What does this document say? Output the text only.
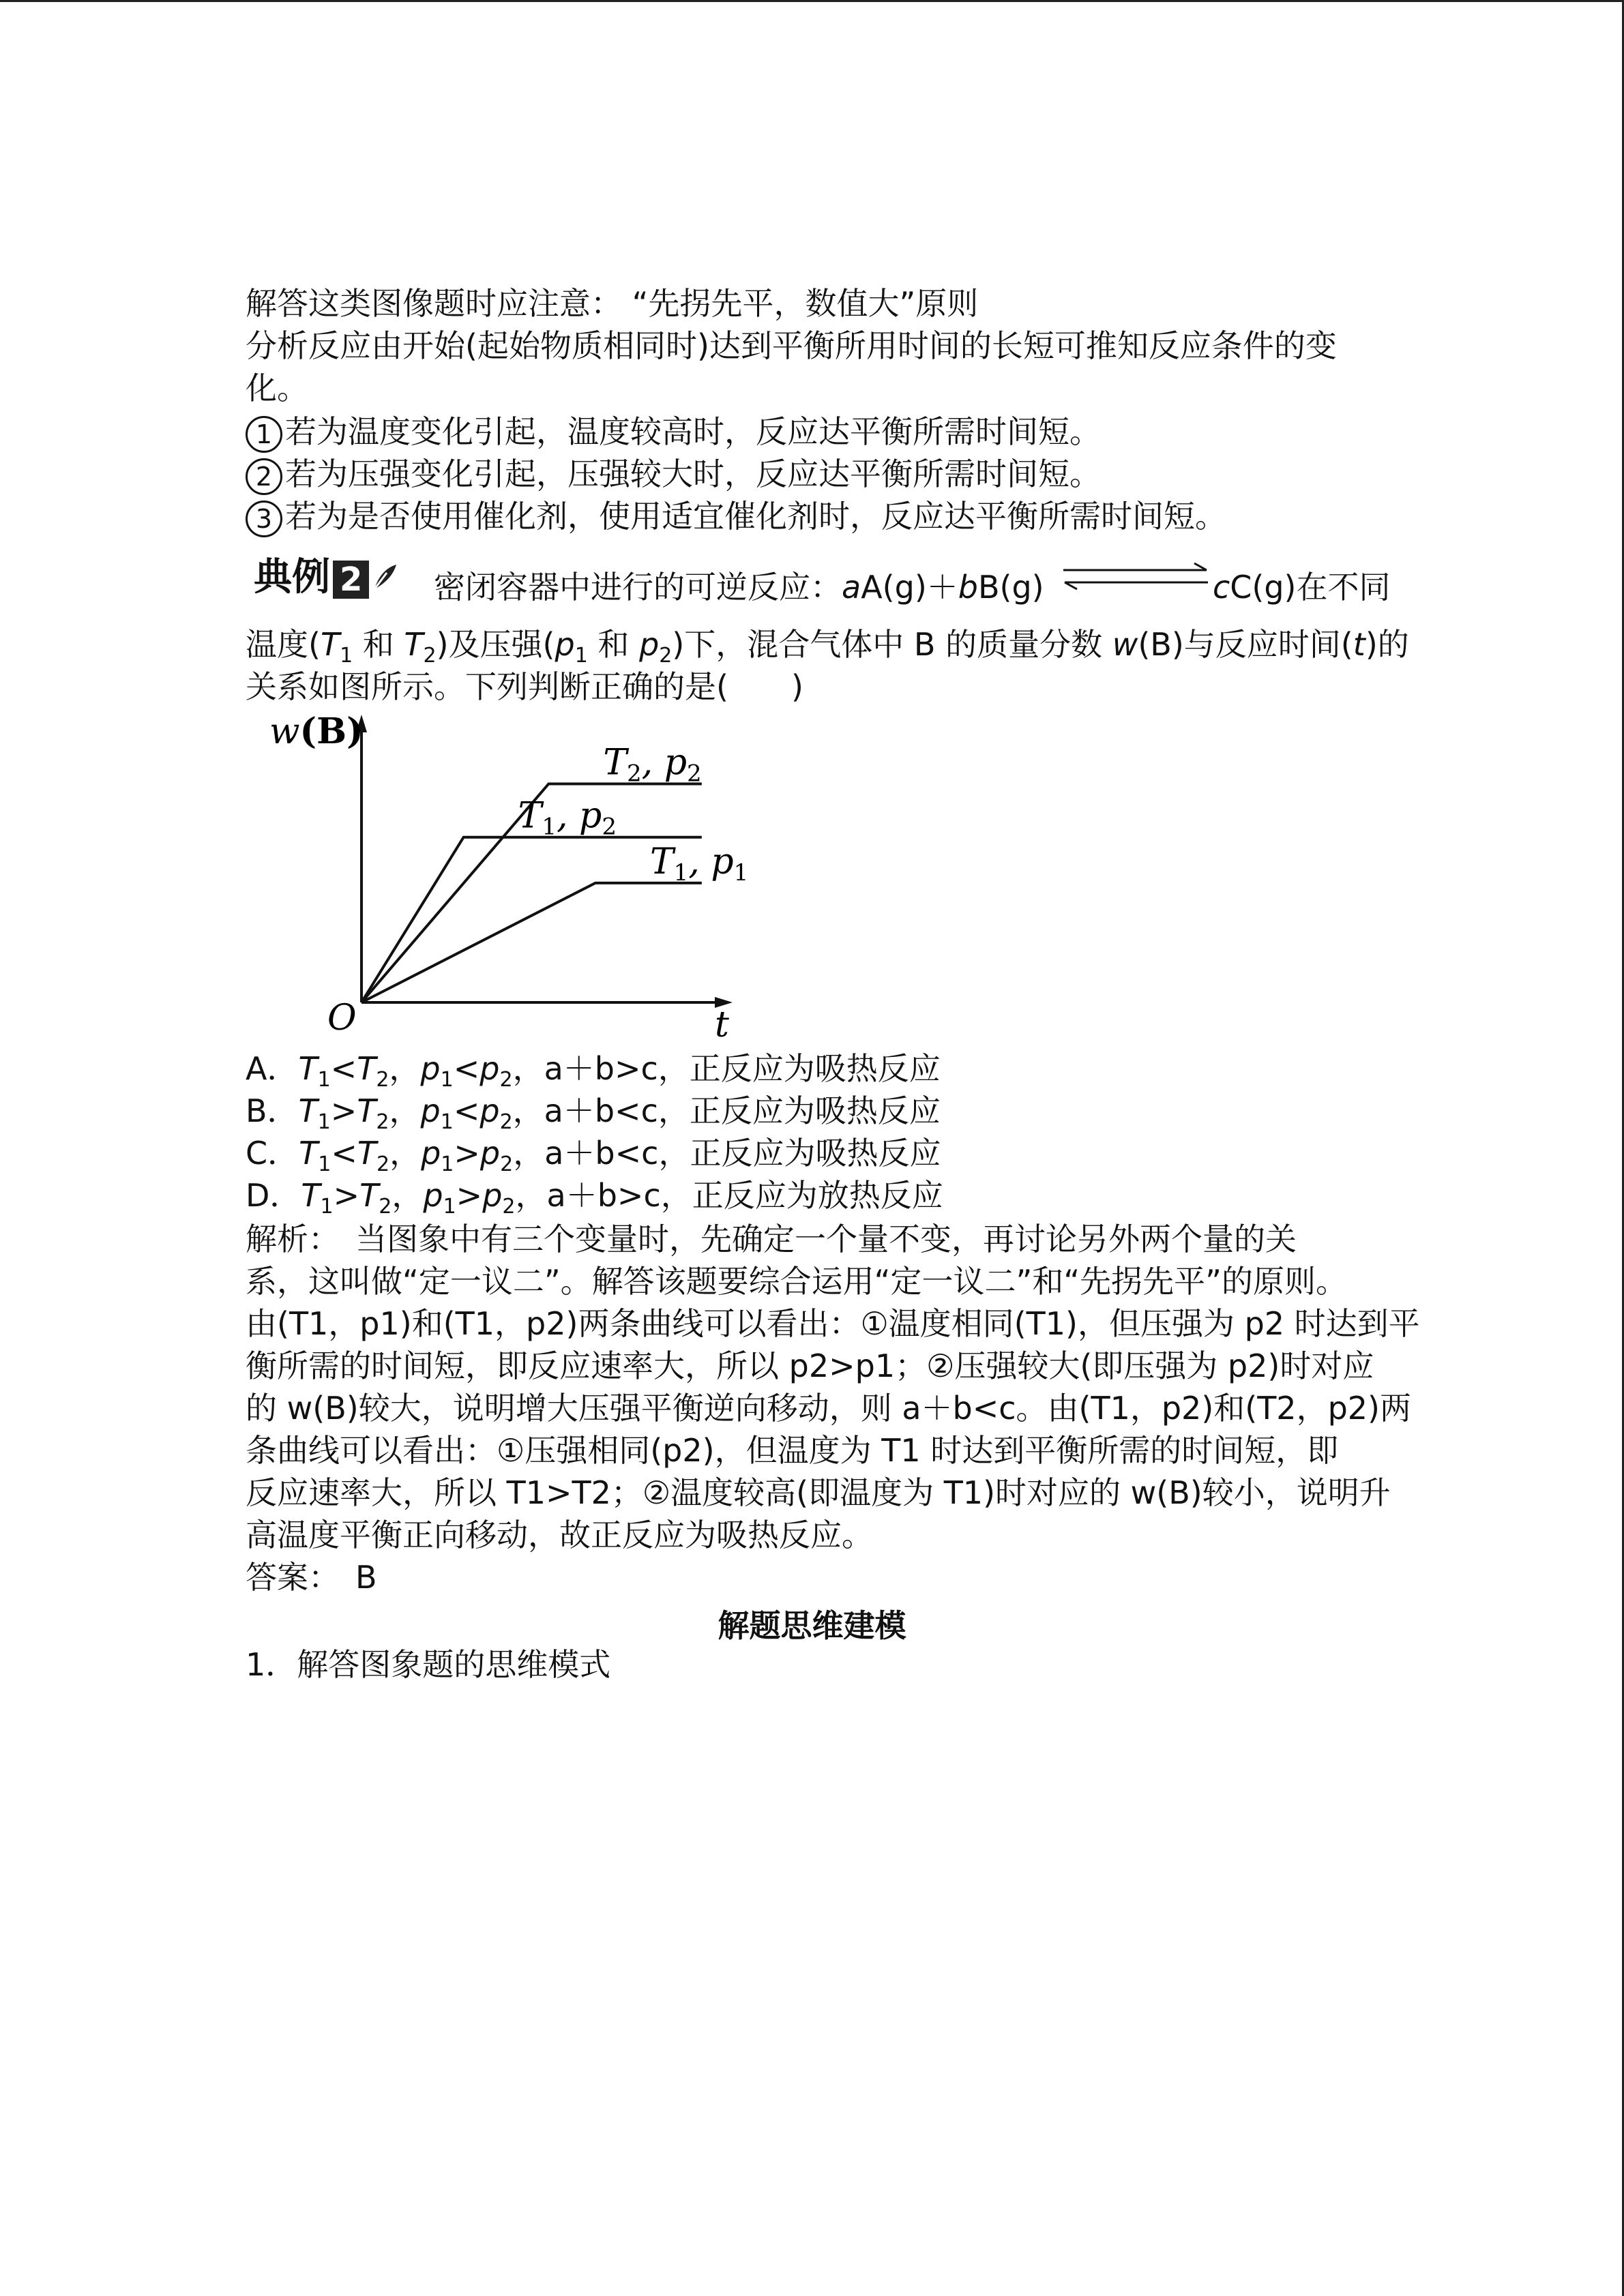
解答这类图像题时应注意： “先拐先平，数值大”原则
分析反应由开始(起始物质相同时)达到平衡所用时间的长短可推知反应条件的变
化。
1 若为温度变化引起，温度较高时，反应达平衡所需时间短。
2 若为压强变化引起，压强较大时，反应达平衡所需时间短。
3 若为是否使用催化剂，使用适宜催化剂时，反应达平衡所需时间短。
典例 2	密闭容器中进行的可逆反应：aA(g)＋bB(g)	cC(g)在不同
温度($T_1$ 和 $T_2$)及压强($p_1$ 和 $p_2$)下，混合气体中 B 的质量分数 w(B)与反应时间(t)的
关系如图所示。下列判断正确的是(　　)
w(B)
O	t
T2, p2
T1, p2
T1, p1
A．$T_1<T_2$，$p_1<p_2$，a＋b>c，正反应为吸热反应
B．$T_1>T_2$，$p_1<p_2$，a＋b<c，正反应为吸热反应
C．$T_1<T_2$，$p_1>p_2$，a＋b<c，正反应为吸热反应
D．$T_1>T_2$，$p_1>p_2$，a＋b>c，正反应为放热反应
解析：　当图象中有三个变量时，先确定一个量不变，再讨论另外两个量的关
系，这叫做“定一议二”。解答该题要综合运用“定一议二”和“先拐先平”的原则。
由(T1，p1)和(T1，p2)两条曲线可以看出：①温度相同(T1)，但压强为 p2 时达到平
衡所需的时间短，即反应速率大，所以 p2>p1；②压强较大(即压强为 p2)时对应
的 w(B)较大，说明增大压强平衡逆向移动，则 a＋b<c。由(T1，p2)和(T2，p2)两
条曲线可以看出：①压强相同(p2)，但温度为 T1 时达到平衡所需的时间短，即
反应速率大，所以 T1>T2；②温度较高(即温度为 T1)时对应的 w(B)较小，说明升
高温度平衡正向移动，故正反应为吸热反应。
答案：　 B
解题思维建模
1．解答图象题的思维模式
